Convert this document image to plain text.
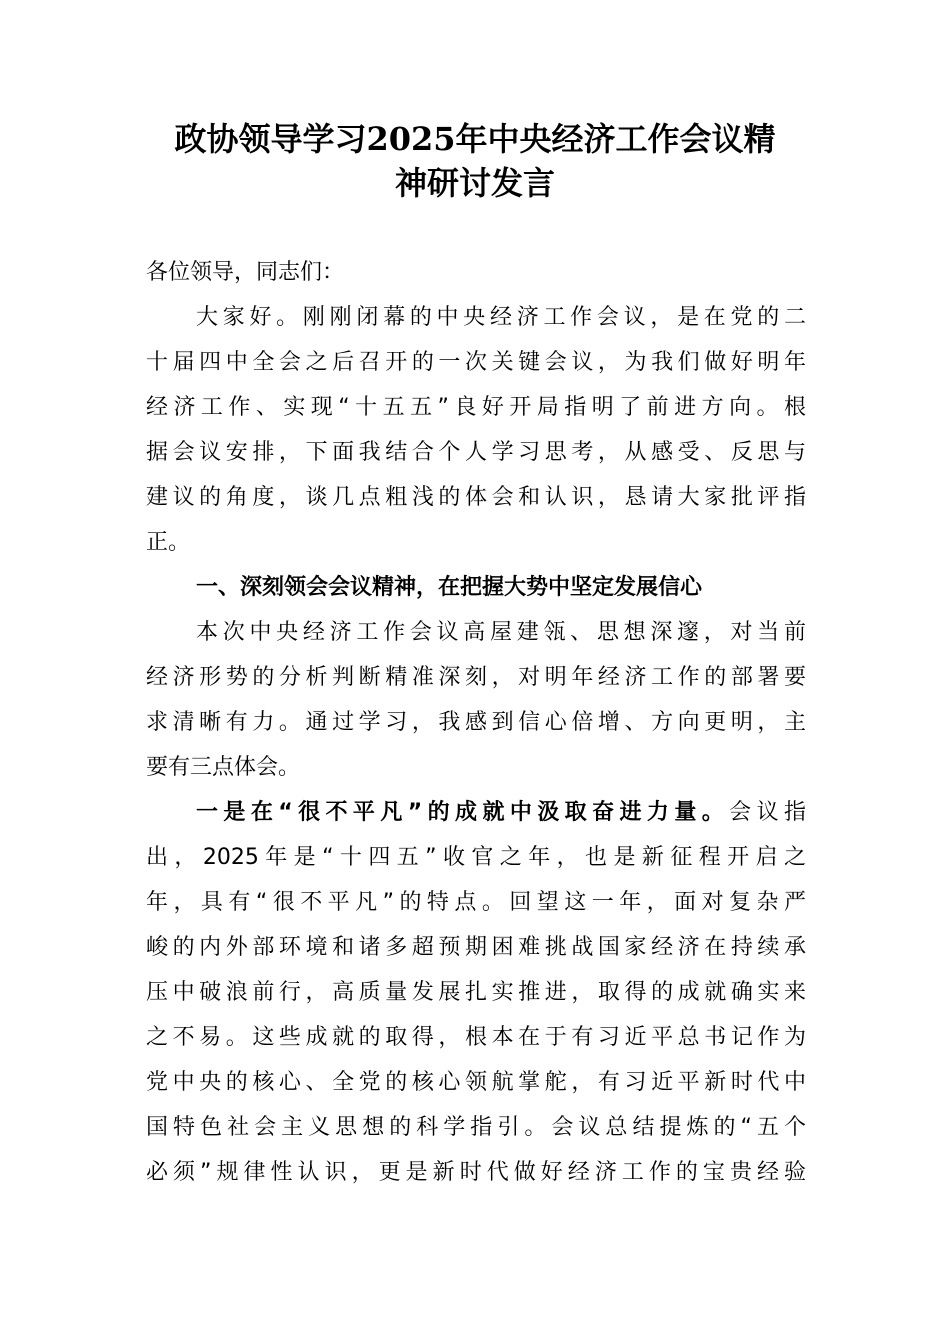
政协领导学习2025年中央经济工作会议精
神研讨发言
各位领导，同志们：
大家好。刚刚闭幕的中央经济工作会议，是在党的二
十届四中全会之后召开的一次关键会议，为我们做好明年
经济工作、实现“十五五”良好开局指明了前进方向。根
据会议安排，下面我结合个人学习思考，从感受、反思与
建议的角度，谈几点粗浅的体会和认识，恳请大家批评指
正。
一、深刻领会会议精神，在把握大势中坚定发展信心
本次中央经济工作会议高屋建瓴、思想深邃，对当前
经济形势的分析判断精准深刻，对明年经济工作的部署要
求清晰有力。通过学习，我感到信心倍增、方向更明，主
要有三点体会。
一是在“很不平凡”的成就中汲取奋进力量。会议指
出，2025年是“十四五”收官之年，也是新征程开启之
年，具有“很不平凡”的特点。回望这一年，面对复杂严
峻的内外部环境和诸多超预期困难挑战国家经济在持续承
压中破浪前行，高质量发展扎实推进，取得的成就确实来
之不易。这些成就的取得，根本在于有习近平总书记作为
党中央的核心、全党的核心领航掌舵，有习近平新时代中
国特色社会主义思想的科学指引。会议总结提炼的“五个
必须”规律性认识，更是新时代做好经济工作的宝贵经验
